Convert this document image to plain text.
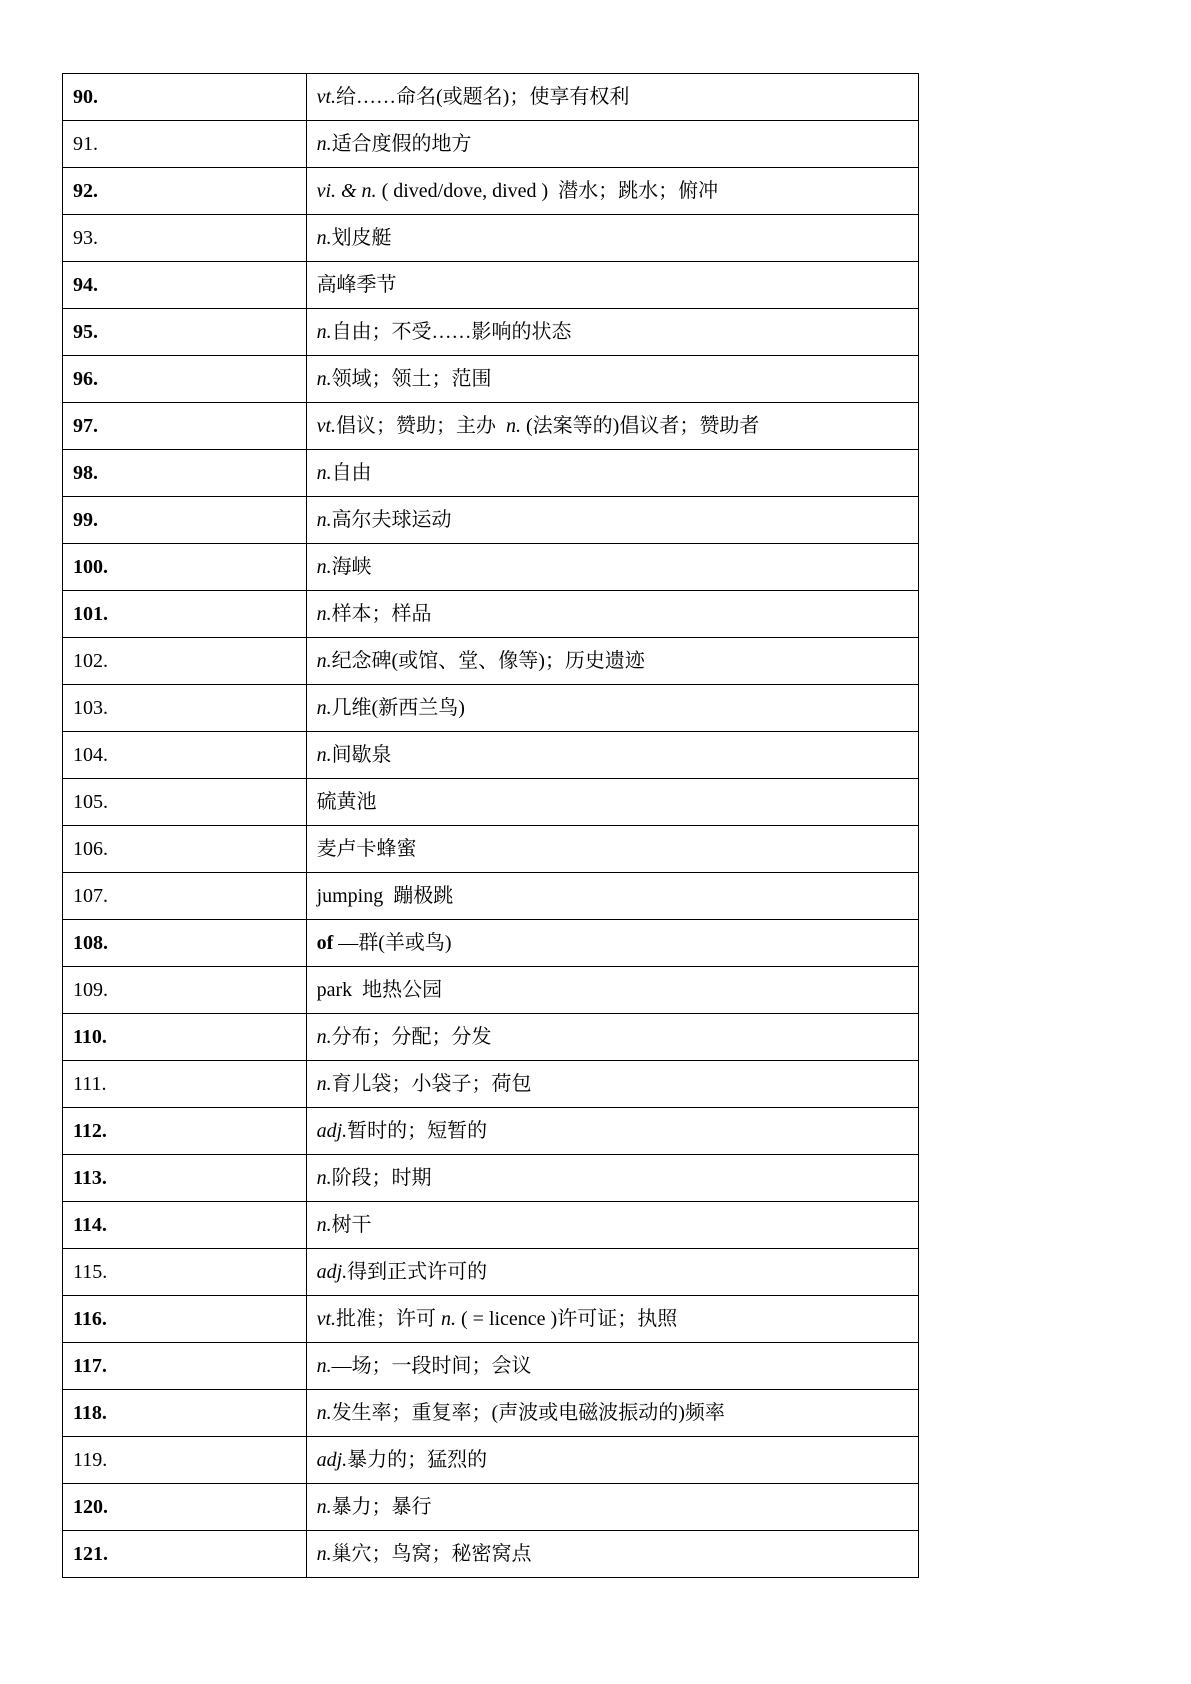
90.	vt.给……命名(或题名)；使享有权利
91.	n.适合度假的地方
92.	vi. & n. ( dived/dove, dived )  潜水；跳水；俯冲
93.	n.划皮艇
94.	高峰季节
95.	n.自由；不受……影响的状态
96.	n.领域；领土；范围
97.	vt.倡议；赞助；主办  n. (法案等的)倡议者；赞助者
98.	n.自由
99.	n.高尔夫球运动
100.	n.海峡
101.	n.样本；样品
102.	n.纪念碑(或馆、堂、像等)；历史遗迹
103.	n.几维(新西兰鸟)
104.	n.间歇泉
105.	硫黄池
106.	麦卢卡蜂蜜
107.	jumping  蹦极跳
108.	of —群(羊或鸟)
109.	park  地热公园
110.	n.分布；分配；分发
111.	n.育儿袋；小袋子；荷包
112.	adj.暂时的；短暂的
113.	n.阶段；时期
114.	n.树干
115.	adj.得到正式许可的
116.	vt.批准；许可 n. ( = licence )许可证；执照
117.	n.—场；一段时间；会议
118.	n.发生率；重复率；(声波或电磁波振动的)频率
119.	adj.暴力的；猛烈的
120.	n.暴力；暴行
121.	n.巢穴；鸟窝；秘密窝点
